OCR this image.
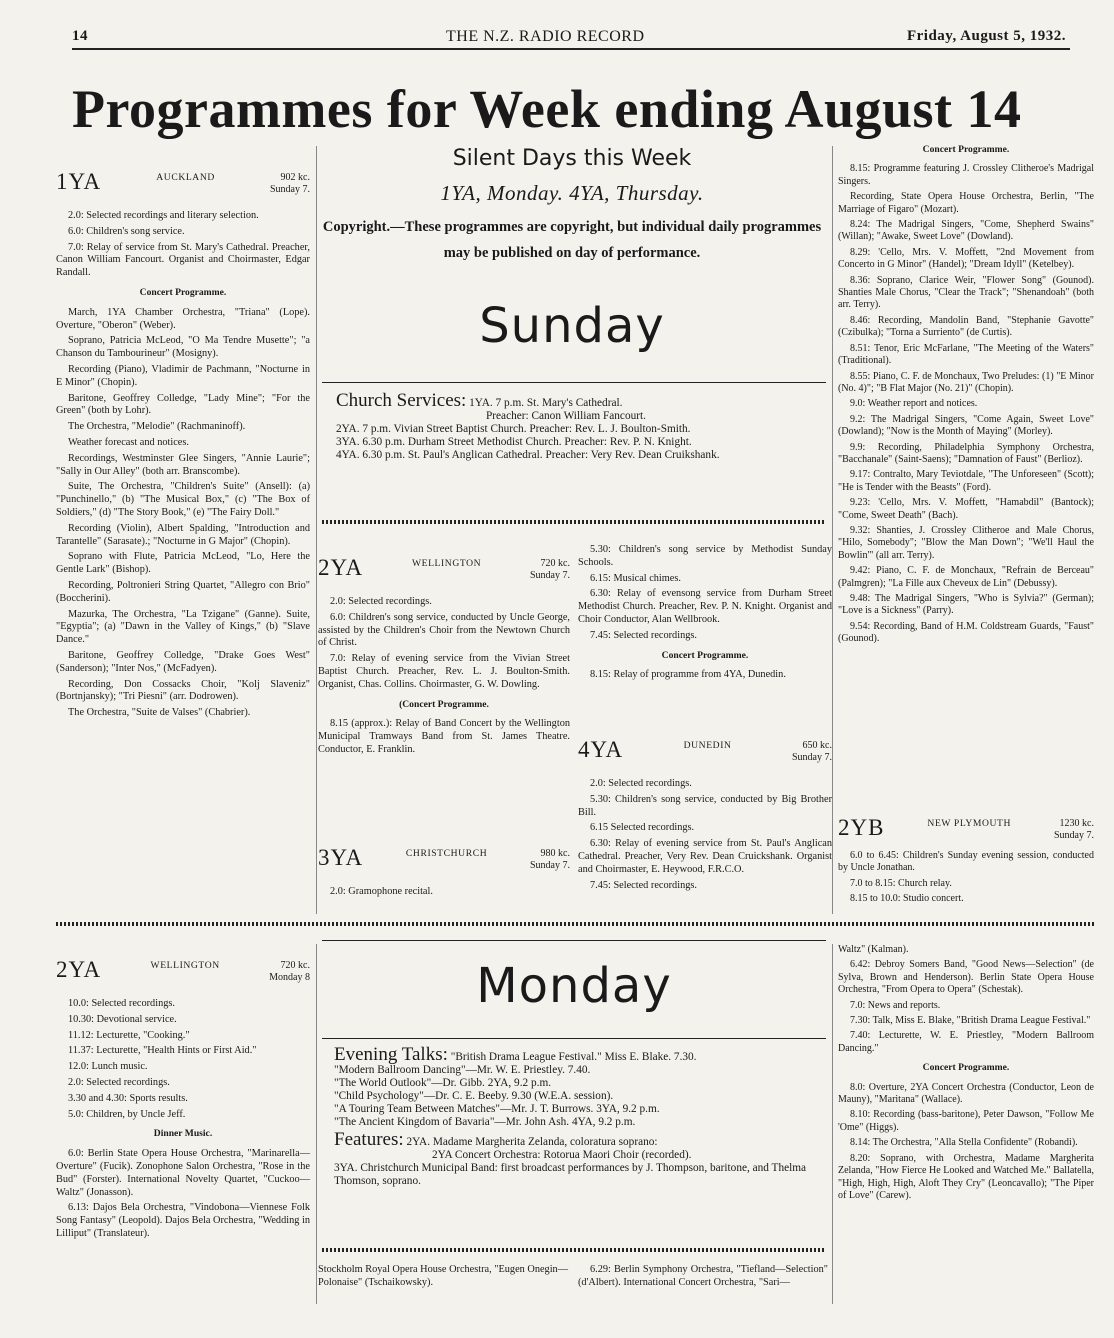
14	THE N.Z. RADIO RECORD	Friday, August 5, 1932.
Programmes for Week ending August 14
1YA	AUCKLAND	902 kc.
Sunday 7.

2.0: Selected recordings and literary selection.

6.0: Children's song service.

7.0: Relay of service from St. Mary's Cathedral. Preacher, Canon William Fancourt. Organist and Choirmaster, Edgar Randall.

Concert Programme.

March, 1YA Chamber Orchestra, "Triana" (Lope). Overture, "Oberon" (Weber).

Soprano, Patricia McLeod, "O Ma Tendre Musette"; "a Chanson du Tambourineur" (Mosigny).

Recording (Piano), Vladimir de Pachmann, "Nocturne in E Minor" (Chopin).

Baritone, Geoffrey Colledge, "Lady Mine"; "For the Green" (both by Lohr).

The Orchestra, "Melodie" (Rachmaninoff).

Weather forecast and notices.

Recordings, Westminster Glee Singers, "Annie Laurie"; "Sally in Our Alley" (both arr. Branscombe).

Suite, The Orchestra, "Children's Suite" (Ansell): (a) "Punchinello," (b) "The Musical Box," (c) "The Box of Soldiers," (d) "The Story Book," (e) "The Fairy Doll."

Recording (Violin), Albert Spalding, "Introduction and Tarantelle" (Sarasate).; "Nocturne in G Major" (Chopin).

Soprano with Flute, Patricia McLeod, "Lo, Here the Gentle Lark" (Bishop).

Recording, Poltronieri String Quartet, "Allegro con Brio" (Boccherini).

Mazurka, The Orchestra, "La Tzigane" (Ganne). Suite, "Egyptia"; (a) "Dawn in the Valley of Kings," (b) "Slave Dance."

Baritone, Geoffrey Colledge, "Drake Goes West" (Sanderson); "Inter Nos," (McFadyen).

Recording, Don Cossacks Choir, "Kolj Slaveniz" (Bortnjansky); "Tri Piesni" (arr. Dodrowen).

The Orchestra, "Suite de Valses" (Chabrier).

Silent Days this Week
1YA, Monday. 4YA, Thursday.
Copyright.—These programmes are copyright, but individual daily programmes may be published on day of performance.
Sunday
Church Services: 1YA. 7 p.m. St. Mary's Cathedral.
Preacher: Canon William Fancourt.
2YA. 7 p.m. Vivian Street Baptist Church. Preacher: Rev. L. J. Boulton-Smith.
3YA. 6.30 p.m. Durham Street Methodist Church. Preacher: Rev. P. N. Knight.
4YA. 6.30 p.m. St. Paul's Anglican Cathedral. Preacher: Very Rev. Dean Cruikshank.
2YA	WELLINGTON	720 kc.
Sunday 7.

2.0: Selected recordings.

6.0: Children's song service, conducted by Uncle George, assisted by the Children's Choir from the Newtown Church of Christ.

7.0: Relay of evening service from the Vivian Street Baptist Church. Preacher, Rev. L. J. Boulton-Smith. Organist, Chas. Collins. Choirmaster, G. W. Dowling.

(Concert Programme.

8.15 (approx.): Relay of Band Concert by the Wellington Municipal Tramways Band from St. James Theatre. Conductor, E. Franklin.

3YA	CHRISTCHURCH	980 kc.
Sunday 7.

2.0: Gramophone recital.

5.30: Children's song service by Methodist Sunday Schools.

6.15: Musical chimes.

6.30: Relay of evensong service from Durham Street Methodist Church. Preacher, Rev. P. N. Knight. Organist and Choir Conductor, Alan Wellbrook.

7.45: Selected recordings.

Concert Programme.

8.15: Relay of programme from 4YA, Dunedin.

4YA	DUNEDIN	650 kc.
Sunday 7.

2.0: Selected recordings.

5.30: Children's song service, conducted by Big Brother Bill.

6.15 Selected recordings.

6.30: Relay of evening service from St. Paul's Anglican Cathedral. Preacher, Very Rev. Dean Cruickshank. Organist and Choirmaster, E. Heywood, F.R.C.O.

7.45: Selected recordings.

Concert Programme.

8.15: Programme featuring J. Crossley Clitheroe's Madrigal Singers.

Recording, State Opera House Orchestra, Berlin, "The Marriage of Figaro" (Mozart).

8.24: The Madrigal Singers, "Come, Shepherd Swains" (Willan); "Awake, Sweet Love" (Dowland).

8.29: 'Cello, Mrs. V. Moffett, "2nd Movement from Concerto in G Minor" (Handel); "Dream Idyll" (Ketelbey).

8.36: Soprano, Clarice Weir, "Flower Song" (Gounod). Shanties Male Chorus, "Clear the Track"; "Shenandoah" (both arr. Terry).

8.46: Recording, Mandolin Band, "Stephanie Gavotte" (Czibulka); "Torna a Surriento" (de Curtis).

8.51: Tenor, Eric McFarlane, "The Meeting of the Waters" (Traditional).

8.55: Piano, C. F. de Monchaux, Two Preludes: (1) "E Minor (No. 4)"; "B Flat Major (No. 21)" (Chopin).

9.0: Weather report and notices.

9.2: The Madrigal Singers, "Come Again, Sweet Love" (Dowland); "Now is the Month of Maying" (Morley).

9.9: Recording, Philadelphia Symphony Orchestra, "Bacchanale" (Saint-Saens); "Damnation of Faust" (Berlioz).

9.17: Contralto, Mary Teviotdale, "The Unforeseen" (Scott); "He is Tender with the Beasts" (Ford).

9.23: 'Cello, Mrs. V. Moffett, "Hamabdil" (Bantock); "Come, Sweet Death" (Bach).

9.32: Shanties, J. Crossley Clitheroe and Male Chorus, "Hilo, Somebody"; "Blow the Man Down"; "We'll Haul the Bowlin'" (all arr. Terry).

9.42: Piano, C. F. de Monchaux, "Refrain de Berceau" (Palmgren); "La Fille aux Cheveux de Lin" (Debussy).

9.48: The Madrigal Singers, "Who is Sylvia?" (German); "Love is a Sickness" (Parry).

9.54: Recording, Band of H.M. Coldstream Guards, "Faust" (Gounod).

2YB	NEW PLYMOUTH	1230 kc.
Sunday 7.

6.0 to 6.45: Children's Sunday evening session, conducted by Uncle Jonathan.

7.0 to 8.15: Church relay.

8.15 to 10.0: Studio concert.

2YA	WELLINGTON	720 kc.
Monday 8

10.0: Selected recordings.

10.30: Devotional service.

11.12: Lecturette, "Cooking."

11.37: Lecturette, "Health Hints or First Aid."

12.0: Lunch music.

2.0: Selected recordings.

3.30 and 4.30: Sports results.

5.0: Children, by Uncle Jeff.

Dinner Music.

6.0: Berlin State Opera House Orchestra, "Marinarella—Overture" (Fucik). Zonophone Salon Orchestra, "Rose in the Bud" (Forster). International Novelty Quartet, "Cuckoo—Waltz" (Jonasson).

6.13: Dajos Bela Orchestra, "Vindobona—Viennese Folk Song Fantasy" (Leopold). Dajos Bela Orchestra, "Wedding in Lilliput" (Translateur).

Monday
Evening Talks: "British Drama League Festival." Miss E. Blake. 7.30.
"Modern Ballroom Dancing"—Mr. W. E. Priestley. 7.40.
"The World Outlook"—Dr. Gibb. 2YA, 9.2 p.m.
"Child Psychology"—Dr. C. E. Beeby. 9.30 (W.E.A. session).
"A Touring Team Between Matches"—Mr. J. T. Burrows. 3YA, 9.2 p.m.
"The Ancient Kingdom of Bavaria"—Mr. John Ash. 4YA, 9.2 p.m.
Features: 2YA. Madame Margherita Zelanda, coloratura soprano:
2YA Concert Orchestra: Rotorua Maori Choir (recorded).
3YA. Christchurch Municipal Band: first broadcast performances by J. Thompson, baritone, and Thelma Thomson, soprano.

Stockholm Royal Opera House Orchestra, "Eugen Onegin—Polonaise" (Tschaikowsky).

6.29: Berlin Symphony Orchestra, "Tiefland—Selection" (d'Albert). International Concert Orchestra, "Sari—

Waltz" (Kalman).

6.42: Debroy Somers Band, "Good News—Selection" (de Sylva, Brown and Henderson). Berlin State Opera House Orchestra, "From Opera to Opera" (Schestak).

7.0: News and reports.

7.30: Talk, Miss E. Blake, "British Drama League Festival."

7.40: Lecturette, W. E. Priestley, "Modern Ballroom Dancing."

Concert Programme.

8.0: Overture, 2YA Concert Orchestra (Conductor, Leon de Mauny), "Maritana" (Wallace).

8.10: Recording (bass-baritone), Peter Dawson, "Follow Me 'Ome" (Higgs).

8.14: The Orchestra, "Alla Stella Confidente" (Robandi).

8.20: Soprano, with Orchestra, Madame Margherita Zelanda, "How Fierce He Looked and Watched Me." Ballatella, "High, High, High, Aloft They Cry" (Leoncavallo); "The Piper of Love" (Carew).
